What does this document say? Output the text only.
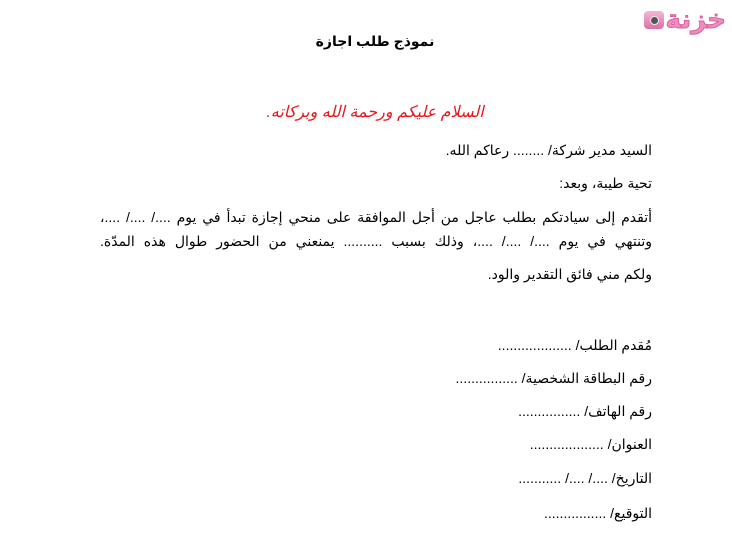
خزنة
نموذج طلب اجازة
السلام عليكم ورحمة الله وبركاته.
السيد مدير شركة/ ........ رعاكم الله.
تحية طيبة، وبعد:
أتقدم إلى سيادتكم بطلب عاجل من أجل الموافقة على منحي إجازة تبدأ في يوم ..../ ..../ ....،
وتنتهي في يوم ..../ ..../ ....، وذلك بسبب .......... يمنعني من الحضور طوال هذه المدّة.
ولكم مني فائق التقدير والود.
مُقدم الطلب/ ...................
رقم البطاقة الشخصية/ ................
رقم الهاتف/ ................
العنوان/ ...................
التاريخ/ ..../ ..../ ...........
التوقيع/ ................
